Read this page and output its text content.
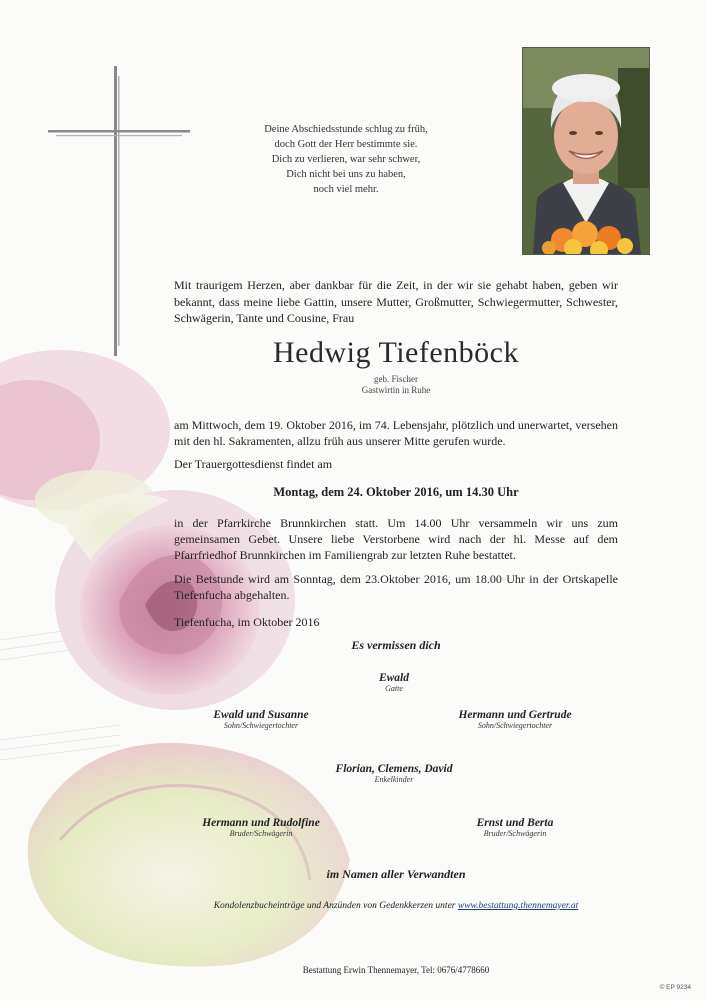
Deine Abschiedsstunde schlug zu früh,
doch Gott der Herr bestimmte sie.
Dich zu verlieren, war sehr schwer,
Dich nicht bei uns zu haben,
noch viel mehr.
Mit traurigem Herzen, aber dankbar für die Zeit, in der wir sie gehabt haben, geben wir bekannt, dass meine liebe Gattin, unsere Mutter, Großmutter, Schwiegermutter, Schwester, Schwägerin, Tante und Cousine, Frau
Hedwig Tiefenböck
geb. Fischer
Gastwirtin in Ruhe
am Mittwoch, dem 19. Oktober 2016, im 74. Lebensjahr, plötzlich und unerwartet, versehen mit den hl. Sakramenten, allzu früh aus unserer Mitte gerufen wurde.
Der Trauergottesdienst findet am
Montag, dem 24. Oktober 2016, um 14.30 Uhr
in der Pfarrkirche Brunnkirchen statt. Um 14.00 Uhr versammeln wir uns zum gemeinsamen Gebet. Unsere liebe Verstorbene wird nach der hl. Messe auf dem Pfarrfriedhof Brunnkirchen im Familiengrab zur letzten Ruhe bestattet.
Die Betstunde wird am Sonntag, dem 23.Oktober 2016, um 18.00 Uhr in der Ortskapelle Tiefenfucha abgehalten.
Tiefenfucha, im Oktober 2016
Es vermissen dich
Ewald
Gatte
Ewald und Susanne
Sohn/Schwiegertochter
Hermann und Gertrude
Sohn/Schwiegertochter
Florian, Clemens, David
Enkelkinder
Hermann und Rudolfine
Bruder/Schwägerin
Ernst und Berta
Bruder/Schwägerin
im Namen aller Verwandten
Kondolenzbucheinträge und Anzünden von Gedenkkerzen unter www.bestattung.thennemayer.at
Bestattung Erwin Thennemayer, Tel: 0676/4778660
© EP 9234
